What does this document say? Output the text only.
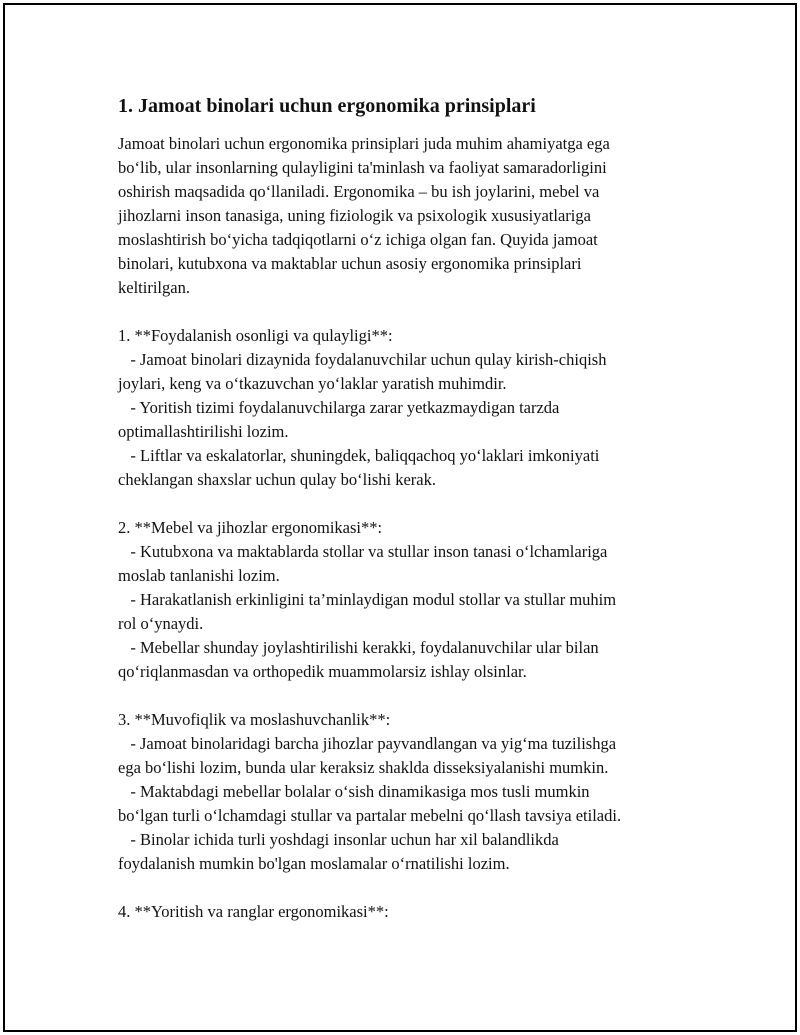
1. Jamoat binolari uchun ergonomika prinsiplari
Jamoat binolari uchun ergonomika prinsiplari juda muhim ahamiyatga ega
bo‘lib, ular insonlarning qulayligini ta'minlash va faoliyat samaradorligini
oshirish maqsadida qo‘llaniladi. Ergonomika – bu ish joylarini, mebel va
jihozlarni inson tanasiga, uning fiziologik va psixologik xususiyatlariga
moslashtirish bo‘yicha tadqiqotlarni o‘z ichiga olgan fan. Quyida jamoat
binolari, kutubxona va maktablar uchun asosiy ergonomika prinsiplari
keltirilgan.
1. **Foydalanish osonligi va qulayligi**:
- Jamoat binolari dizaynida foydalanuvchilar uchun qulay kirish-chiqish
joylari, keng va o‘tkazuvchan yo‘laklar yaratish muhimdir.
- Yoritish tizimi foydalanuvchilarga zarar yetkazmaydigan tarzda
optimallashtirilishi lozim.
- Liftlar va eskalatorlar, shuningdek, baliqqachoq yo‘laklari imkoniyati
cheklangan shaxslar uchun qulay bo‘lishi kerak.
2. **Mebel va jihozlar ergonomikasi**:
- Kutubxona va maktablarda stollar va stullar inson tanasi o‘lchamlariga
moslab tanlanishi lozim.
- Harakatlanish erkinligini ta’minlaydigan modul stollar va stullar muhim
rol o‘ynaydi.
- Mebellar shunday joylashtirilishi kerakki, foydalanuvchilar ular bilan
qo‘riqlanmasdan va orthopedik muammolarsiz ishlay olsinlar.
3. **Muvofiqlik va moslashuvchanlik**:
- Jamoat binolaridagi barcha jihozlar payvandlangan va yig‘ma tuzilishga
ega bo‘lishi lozim, bunda ular keraksiz shaklda disseksiyalanishi mumkin.
- Maktabdagi mebellar bolalar o‘sish dinamikasiga mos tusli mumkin
bo‘lgan turli o‘lchamdagi stullar va partalar mebelni qo‘llash tavsiya etiladi.
- Binolar ichida turli yoshdagi insonlar uchun har xil balandlikda
foydalanish mumkin bo'lgan moslamalar o‘rnatilishi lozim.
4. **Yoritish va ranglar ergonomikasi**:
